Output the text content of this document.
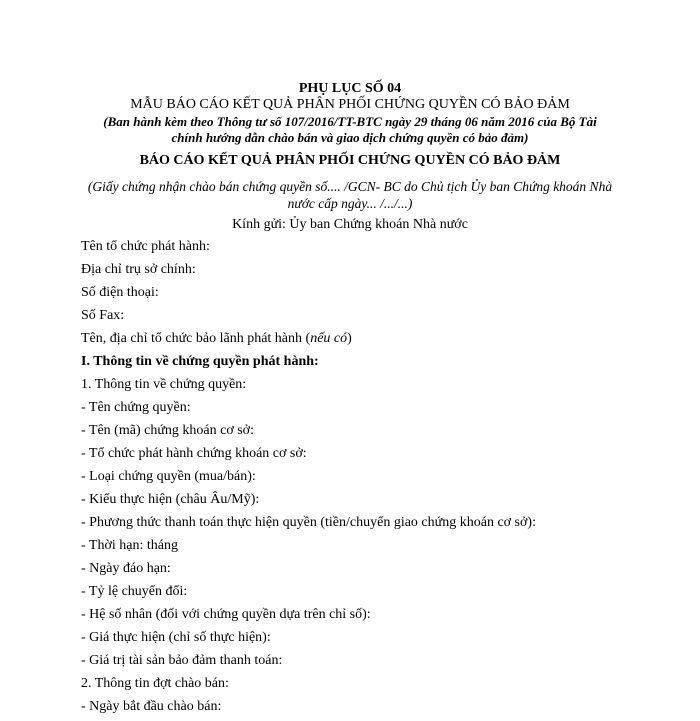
PHỤ LỤC SỐ 04

MẪU BÁO CÁO KẾT QUẢ PHÂN PHỐI CHỨNG QUYỀN CÓ BẢO ĐẢM

(Ban hành kèm theo Thông tư số 107/2016/TT-BTC ngày 29 tháng 06 năm 2016 của Bộ Tài
chính hướng dẫn chào bán và giao dịch chứng quyền có bảo đảm)

BÁO CÁO KẾT QUẢ PHÂN PHỐI CHỨNG QUYỀN CÓ BẢO ĐẢM

(Giấy chứng nhận chào bán chứng quyền số.... /GCN- BC do Chủ tịch Ủy ban Chứng khoán Nhà
nước cấp ngày... /.../...)

Kính gửi: Ủy ban Chứng khoán Nhà nước

Tên tổ chức phát hành:
Địa chỉ trụ sở chính:
Số điện thoại:
Số Fax:
Tên, địa chỉ tổ chức bảo lãnh phát hành (nếu có)
I. Thông tin về chứng quyền phát hành:
1. Thông tin về chứng quyền:
- Tên chứng quyền:
- Tên (mã) chứng khoán cơ sở:
- Tổ chức phát hành chứng khoán cơ sở:
- Loại chứng quyền (mua/bán):
- Kiểu thực hiện (châu Âu/Mỹ):
- Phương thức thanh toán thực hiện quyền (tiền/chuyển giao chứng khoán cơ sở):
- Thời hạn: tháng
- Ngày đáo hạn:
- Tỷ lệ chuyển đổi:
- Hệ số nhân (đối với chứng quyền dựa trên chỉ số):
- Giá thực hiện (chỉ số thực hiện):
- Giá trị tài sản bảo đảm thanh toán:
2. Thông tin đợt chào bán:
- Ngày bắt đầu chào bán:
